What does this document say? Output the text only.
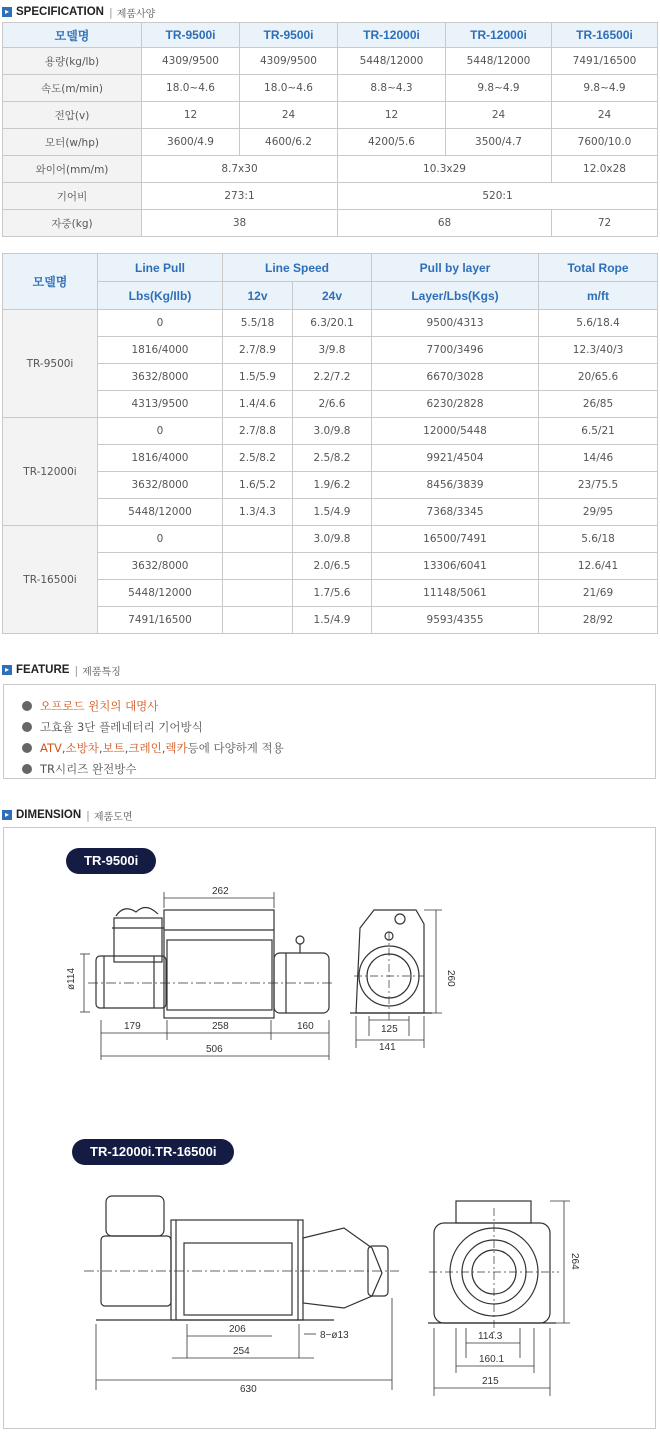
▸ SPECIFICATION | 제품사양
모델명	TR-9500i	TR-9500i	TR-12000i	TR-12000i	TR-16500i
용량(kg/lb)	4309/9500	4309/9500	5448/12000	5448/12000	7491/16500
속도(m/min)	18.0~4.6	18.0~4.6	8.8~4.3	9.8~4.9	9.8~4.9
전압(v)	12	24	12	24	24
모터(w/hp)	3600/4.9	4600/6.2	4200/5.6	3500/4.7	7600/10.0
와이어(mm/m)	8.7x30		10.3x29		12.0x28
기어비	273:1		520:1		
자중(kg)	38		68		72
모델명	Line Pull	Line Speed		Pull by layer	Total Rope
	Lbs(Kg/Ilb)	12v	24v	Layer/Lbs(Kgs)	m/ft
TR-9500i	0	5.5/18	6.3/20.1	9500/4313	5.6/18.4
	1816/4000	2.7/8.9	3/9.8	7700/3496	12.3/40/3
	3632/8000	1.5/5.9	2.2/7.2	6670/3028	20/65.6
	4313/9500	1.4/4.6	2/6.6	6230/2828	26/85
TR-12000i	0	2.7/8.8	3.0/9.8	12000/5448	6.5/21
	1816/4000	2.5/8.2	2.5/8.2	9921/4504	14/46
	3632/8000	1.6/5.2	1.9/6.2	8456/3839	23/75.5
	5448/12000	1.3/4.3	1.5/4.9	7368/3345	29/95
TR-16500i	0		3.0/9.8	16500/7491	5.6/18
	3632/8000		2.0/6.5	13306/6041	12.6/41
	5448/12000		1.7/5.6	11148/5061	21/69
	7491/16500		1.5/4.9	9593/4355	28/92
▸ FEATURE | 제품특징
오프로드 윈치의 대명사
고효율 3단 플레네터리 기어방식
ATV , 소방차 , 보트 , 크레인 , 렉카 등에 다양하게 적용
TR시리즈 완전방수
▸ DIMENSION | 제품도면
TR-9500i
TR-12000i.TR-16500i
262
ø114
179	258	160
506
260
125
141
206
8−ø13
254
630
264
114.3
160.1
215
